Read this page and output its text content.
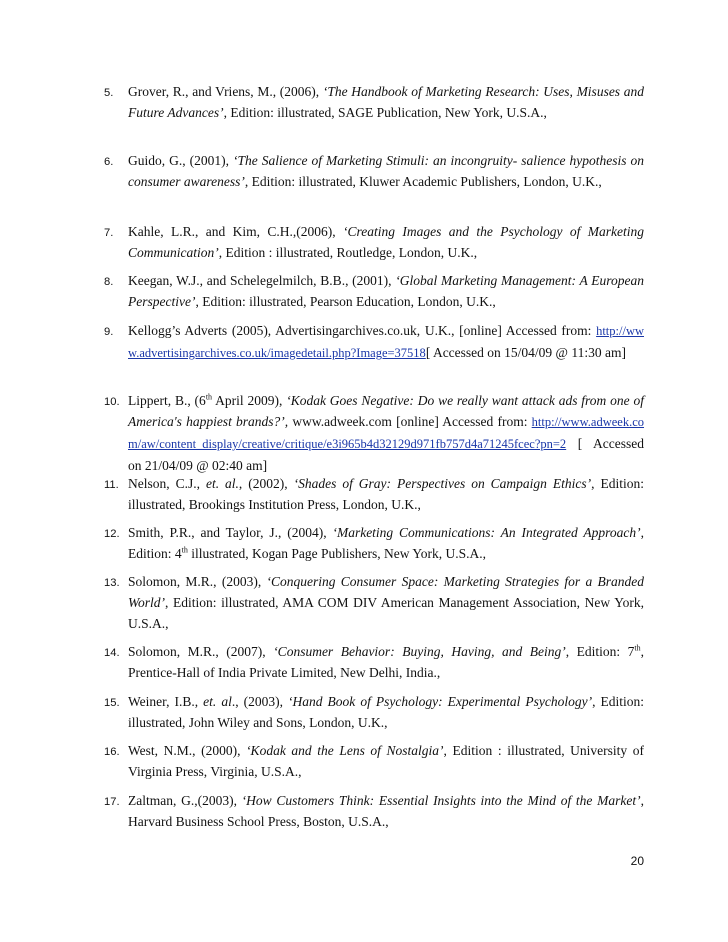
5.	Grover, R., and Vriens, M., (2006), ‘The Handbook of Marketing Research: Uses, Misuses and Future Advances’, Edition: illustrated, SAGE Publication, New York, U.S.A.,
6.	Guido, G., (2001), ‘The Salience of Marketing Stimuli: an incongruity- salience hypothesis on consumer awareness’, Edition: illustrated, Kluwer Academic Publishers, London, U.K.,
7.	Kahle, L.R., and Kim, C.H.,(2006), ‘Creating Images and the Psychology of Marketing Communication’, Edition : illustrated, Routledge, London, U.K.,
8.	Keegan, W.J., and Schelegelmilch, B.B., (2001), ‘Global Marketing Management: A European Perspective’, Edition: illustrated, Pearson Education, London, U.K.,
9.	Kellogg’s Adverts (2005), Advertisingarchives.co.uk, U.K., [online] Accessed from: http://www.advertisingarchives.co.uk/imagedetail.php?Image=37518[ Accessed on 15/04/09 @ 11:30 am]
10. Lippert, B., (6th April 2009), ‘Kodak Goes Negative: Do we really want attack ads from one of America's happiest brands?’, www.adweek.com [online] Accessed from: http://www.adweek.com/aw/content_display/creative/critique/e3i965b4d32129d971fb757d4a71245fcec?pn=2 [ Accessed on 21/04/09 @ 02:40 am]
11. Nelson, C.J., et. al., (2002), ‘Shades of Gray: Perspectives on Campaign Ethics’, Edition: illustrated, Brookings Institution Press, London, U.K.,
12. Smith, P.R., and Taylor, J., (2004), ‘Marketing Communications: An Integrated Approach’, Edition: 4th illustrated, Kogan Page Publishers, New York, U.S.A.,
13. Solomon, M.R., (2003), ‘Conquering Consumer Space: Marketing Strategies for a Branded World’, Edition: illustrated, AMA COM DIV American Management Association, New York, U.S.A.,
14. Solomon, M.R., (2007), ‘Consumer Behavior: Buying, Having, and Being’, Edition: 7th, Prentice-Hall of India Private Limited, New Delhi, India.,
15. Weiner, I.B., et. al., (2003), ‘Hand Book of Psychology: Experimental Psychology’, Edition: illustrated, John Wiley and Sons, London, U.K.,
16. West, N.M., (2000), ‘Kodak and the Lens of Nostalgia’, Edition : illustrated, University of Virginia Press, Virginia, U.S.A.,
17. Zaltman, G.,(2003), ‘How Customers Think: Essential Insights into the Mind of the Market’, Harvard Business School Press, Boston, U.S.A.,
20
